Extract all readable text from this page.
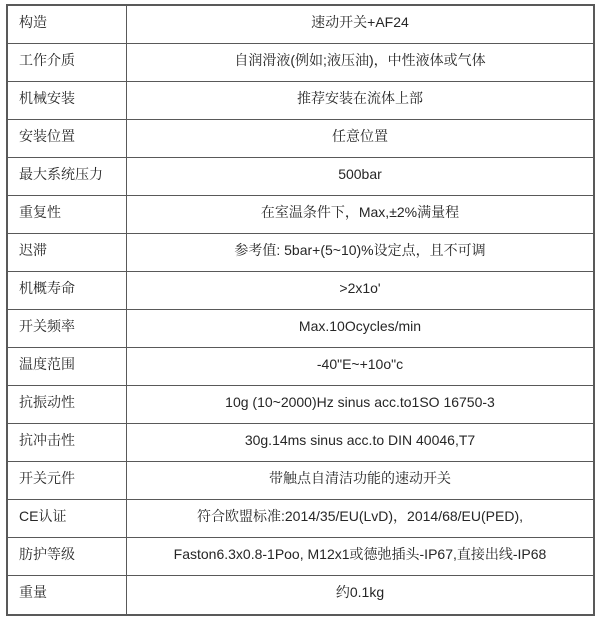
构造	速动开关+AF24
工作介质	自润滑液(例如;液压油)，中性液体或气体
机械安装	推荐安装在流体上部
安装位置	任意位置
最大系统压力	500bar
重复性	在室温条件下，Max,±2%满量程
迟滞	参考值: 5bar+(5~10)%设定点，且不可调
机概寿命	>2x1o'
开关频率	Max.10Ocycles/min
温度范围	-40"E~+10o"c
抗振动性	10g (10~2000)Hz sinus acc.to1SO 16750-3
抗冲击性	30g.14ms sinus acc.to DIN 40046,T7
开关元件	带触点自清洁功能的速动开关
CE认证	符合欧盟标准:2014/35/EU(LvD)，2014/68/EU(PED),
肪护等级	Faston6.3x0.8-1Poo, M12x1或德弛插头-IP67,直接出线-IP68
重量	约0.1kg
